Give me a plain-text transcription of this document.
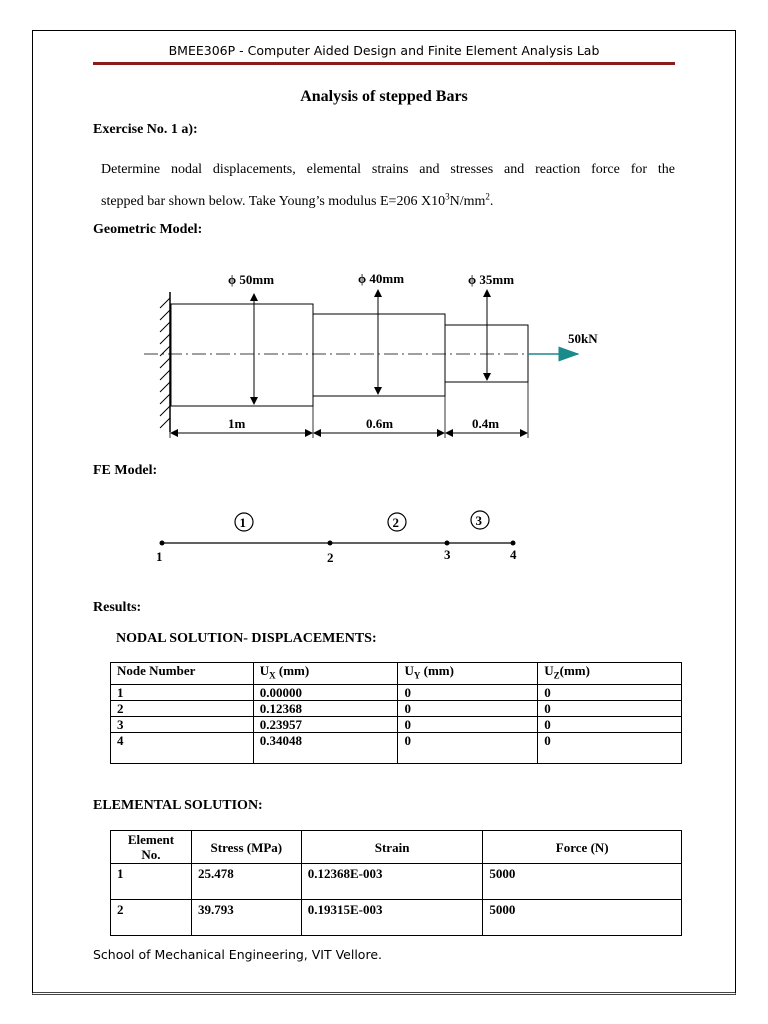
BMEE306P - Computer Aided Design and Finite Element Analysis Lab
Analysis of stepped Bars
Exercise No. 1 a):
Determine nodal displacements, elemental strains and stresses and reaction force for the
stepped bar shown below. Take Young’s modulus E=206 $X10^3N/mm^2$.
Geometric Model:
50kN
ϕ 50mm	ϕ 40mm	ϕ 35mm
1m	0.6m	0.4m
FE Model:
1	2	3
1	2	3	4
Results:
NODAL SOLUTION- DISPLACEMENTS:
Node Number	$U_X$ (mm)	$U_Y$ (mm)	$U_Z(mm)$
1	0.00000	0	0
2	0.12368	0	0
3	0.23957	0	0
4	0.34048	0	0
ELEMENTAL SOLUTION:
Element No.	Stress (MPa)	Strain	Force (N)
1	25.478	0.12368E-003	5000
2	39.793	0.19315E-003	5000
School of Mechanical Engineering, VIT Vellore.
